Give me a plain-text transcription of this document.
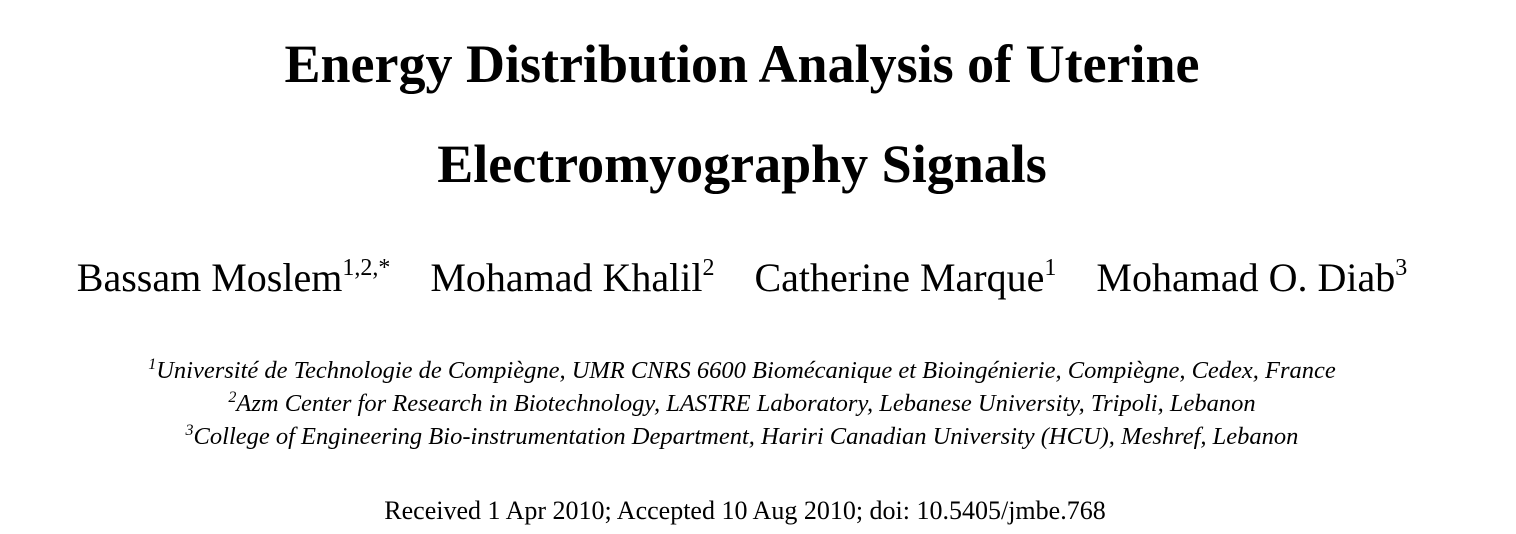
Energy Distribution Analysis of Uterine
Electromyography Signals
Bassam Moslem$^{1,2,*}$ Mohamad Khalil$^2$ Catherine Marque$^1$ Mohamad O. Diab$^3$
$^1$Université de Technologie de Compiègne, UMR CNRS 6600 Biomécanique et Bioingénierie, Compiègne, Cedex, France
$^2$Azm Center for Research in Biotechnology, LASTRE Laboratory, Lebanese University, Tripoli, Lebanon
$^3$College of Engineering Bio-instrumentation Department, Hariri Canadian University (HCU), Meshref, Lebanon
Received 1 Apr 2010; Accepted 10 Aug 2010; doi: 10.5405/jmbe.768
